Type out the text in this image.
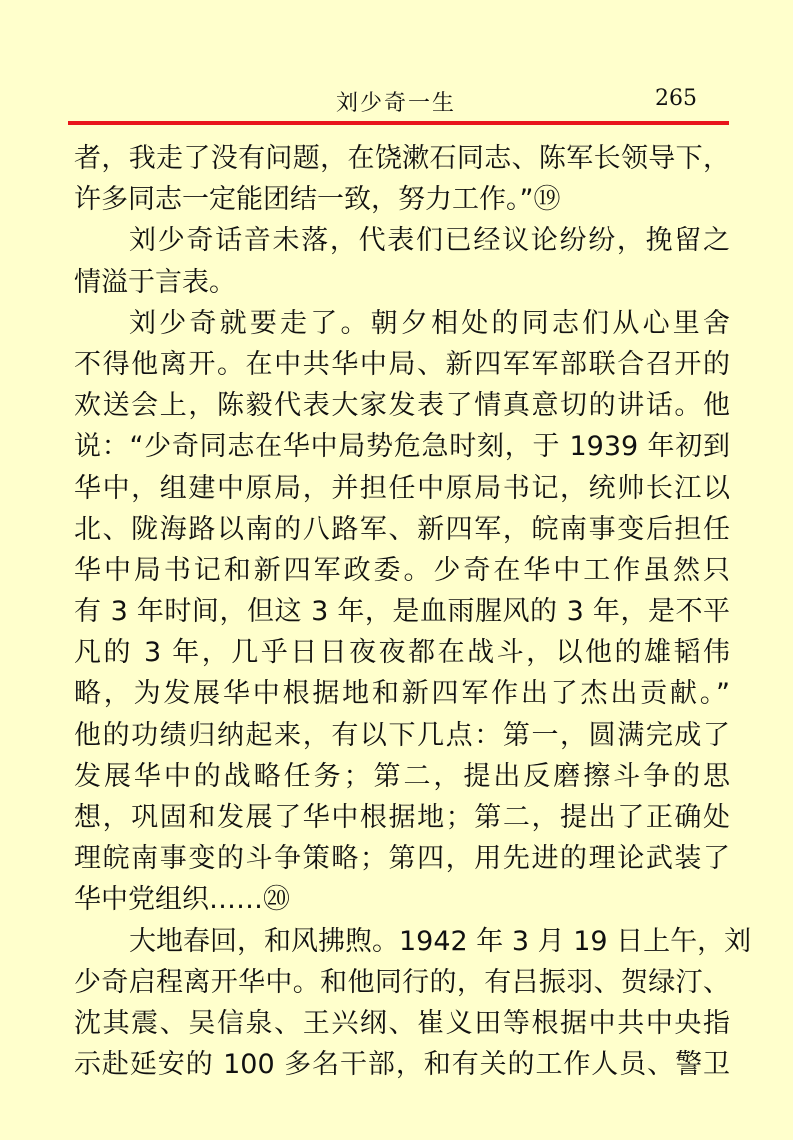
刘少奇一生	265
者，我走了没有问题，在饶漱石同志、陈军长领导下，
许多同志一定能团结一致，努力工作。”⑲
刘少奇话音未落，代表们已经议论纷纷，挽留之
情溢于言表。
刘少奇就要走了。朝夕相处的同志们从心里舍
不得他离开。在中共华中局、新四军军部联合召开的
欢送会上，陈毅代表大家发表了情真意切的讲话。他
说：“少奇同志在华中局势危急时刻，于 1939 年初到
华中，组建中原局，并担任中原局书记，统帅长江以
北、陇海路以南的八路军、新四军，皖南事变后担任
华中局书记和新四军政委。少奇在华中工作虽然只
有 3 年时间，但这 3 年，是血雨腥风的 3 年，是不平
凡的 3 年，几乎日日夜夜都在战斗，以他的雄韬伟
略，为发展华中根据地和新四军作出了杰出贡献。”
他的功绩归纳起来，有以下几点：第一，圆满完成了
发展华中的战略任务；第二，提出反磨擦斗争的思
想，巩固和发展了华中根据地；第二，提出了正确处
理皖南事变的斗争策略；第四，用先进的理论武装了
华中党组织……⑳
大地春回，和风拂煦。1942 年 3 月 19 日上午，刘
少奇启程离开华中。和他同行的，有吕振羽、贺绿汀、
沈其震、吴信泉、王兴纲、崔义田等根据中共中央指
示赴延安的 100 多名干部，和有关的工作人员、警卫
